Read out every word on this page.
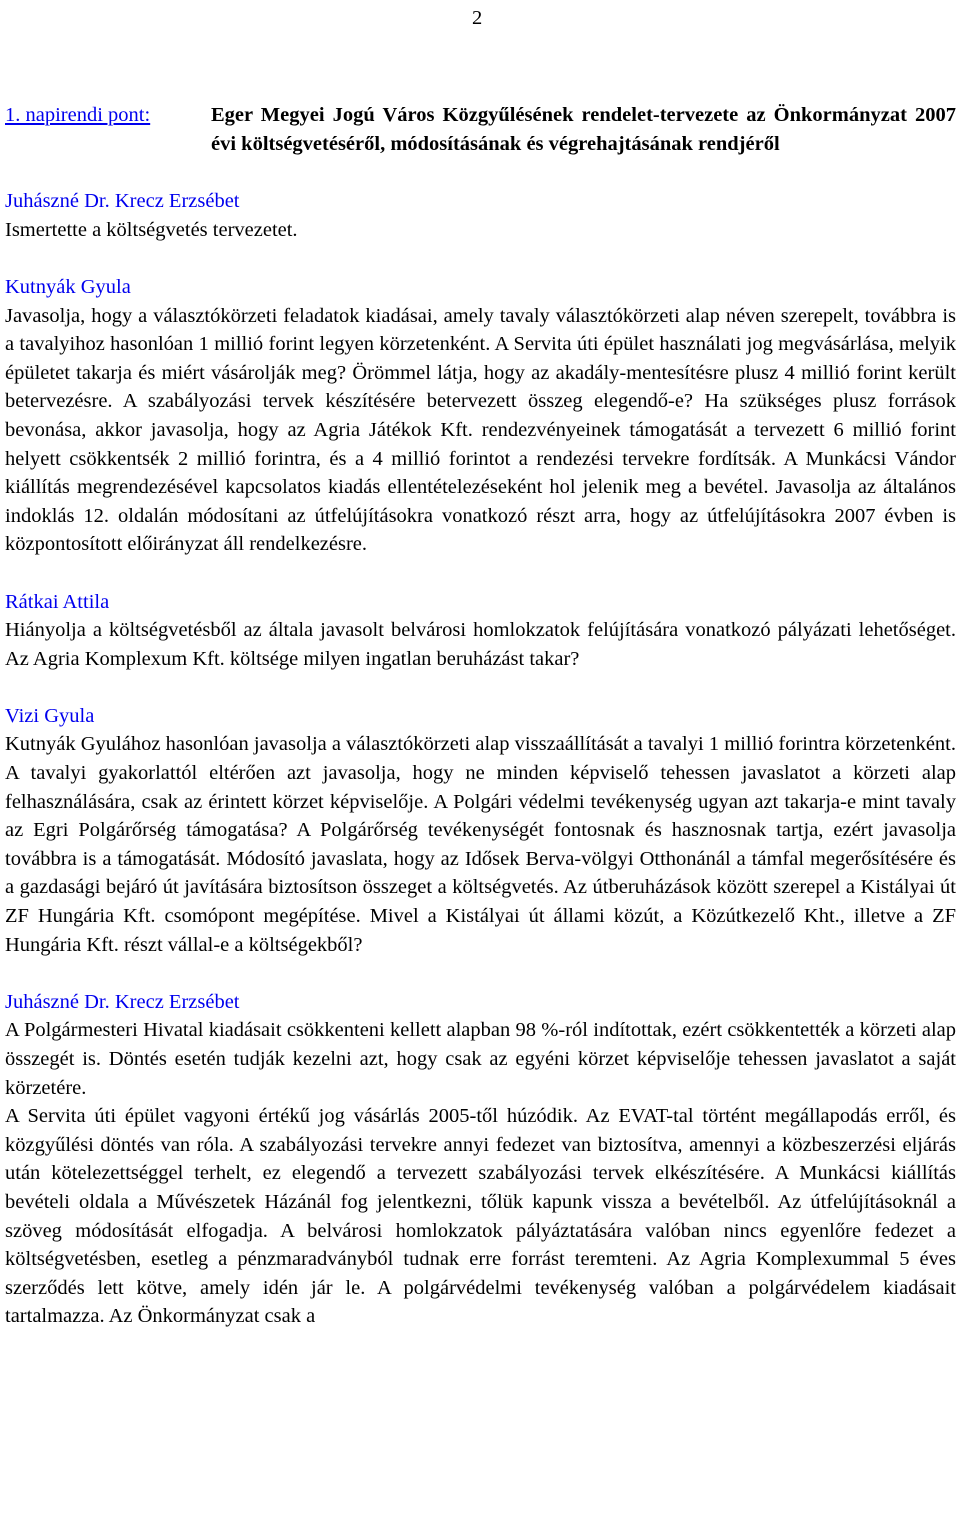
2

1. napirendi pont:	Eger Megyei Jogú Város Közgyűlésének rendelet-tervezete az Önkormányzat 2007 évi költségvetéséről, módosításának és végrehajtásának rendjéről

Juhászné Dr. Krecz Erzsébet

Ismertette a költségvetés tervezetet.

Kutnyák Gyula

Javasolja, hogy a választókörzeti feladatok kiadásai, amely tavaly választókörzeti alap néven szerepelt, továbbra is a tavalyihoz hasonlóan 1 millió forint legyen körzetenként. A Servita úti épület használati jog megvásárlása, melyik épületet takarja és miért vásárolják meg? Örömmel látja, hogy az akadály-mentesítésre plusz 4 millió forint került betervezésre. A szabályozási tervek készítésére betervezett összeg elegendő-e? Ha szükséges plusz források bevonása, akkor javasolja, hogy az Agria Játékok Kft. rendezvényeinek támogatását a tervezett 6 millió forint helyett csökkentsék 2 millió forintra, és a 4 millió forintot a rendezési tervekre fordítsák. A Munkácsi Vándor kiállítás megrendezésével kapcsolatos kiadás ellentételezéseként hol jelenik meg a bevétel. Javasolja az általános indoklás 12. oldalán módosítani az útfelújításokra vonatkozó részt arra, hogy az útfelújításokra 2007 évben is központosított előirányzat áll rendelkezésre.

Rátkai Attila

Hiányolja a költségvetésből az általa javasolt belvárosi homlokzatok felújítására vonatkozó pályázati lehetőséget. Az Agria Komplexum Kft. költsége milyen ingatlan beruházást takar?

Vizi Gyula

Kutnyák Gyulához hasonlóan javasolja a választókörzeti alap visszaállítását a tavalyi 1 millió forintra körzetenként. A tavalyi gyakorlattól eltérően azt javasolja, hogy ne minden képviselő tehessen javaslatot a körzeti alap felhasználására, csak az érintett körzet képviselője. A Polgári védelmi tevékenység ugyan azt takarja-e mint tavaly az Egri Polgárőrség támogatása? A Polgárőrség tevékenységét fontosnak és hasznosnak tartja, ezért javasolja továbbra is a támogatását. Módosító javaslata, hogy az Idősek Berva-völgyi Otthonánál a támfal megerősítésére és a gazdasági bejáró út javítására biztosítson összeget a költségvetés. Az útberuházások között szerepel a Kistályai út ZF Hungária Kft. csomópont megépítése. Mivel a Kistályai út állami közút, a Közútkezelő Kht., illetve a ZF Hungária Kft. részt vállal-e a költségekből?

Juhászné Dr. Krecz Erzsébet

A Polgármesteri Hivatal kiadásait csökkenteni kellett alapban 98 %-ról indítottak, ezért csökkentették a körzeti alap összegét is. Döntés esetén tudják kezelni azt, hogy csak az egyéni körzet képviselője tehessen javaslatot a saját körzetére.

A Servita úti épület vagyoni értékű jog vásárlás 2005-től húzódik. Az EVAT-tal történt megállapodás erről, és közgyűlési döntés van róla. A szabályozási tervekre annyi fedezet van biztosítva, amennyi a közbeszerzési eljárás után kötelezettséggel terhelt, ez elegendő a tervezett szabályozási tervek elkészítésére. A Munkácsi kiállítás bevételi oldala a Művészetek Házánál fog jelentkezni, tőlük kapunk vissza a bevételből. Az útfelújításoknál a szöveg módosítását elfogadja. A belvárosi homlokzatok pályáztatására valóban nincs egyenlőre fedezet a költségvetésben, esetleg a pénzmaradványból tudnak erre forrást teremteni. Az Agria Komplexummal 5 éves szerződés lett kötve, amely idén jár le. A polgárvédelmi tevékenység valóban a polgárvédelem kiadásait tartalmazza. Az Önkormányzat csak a
